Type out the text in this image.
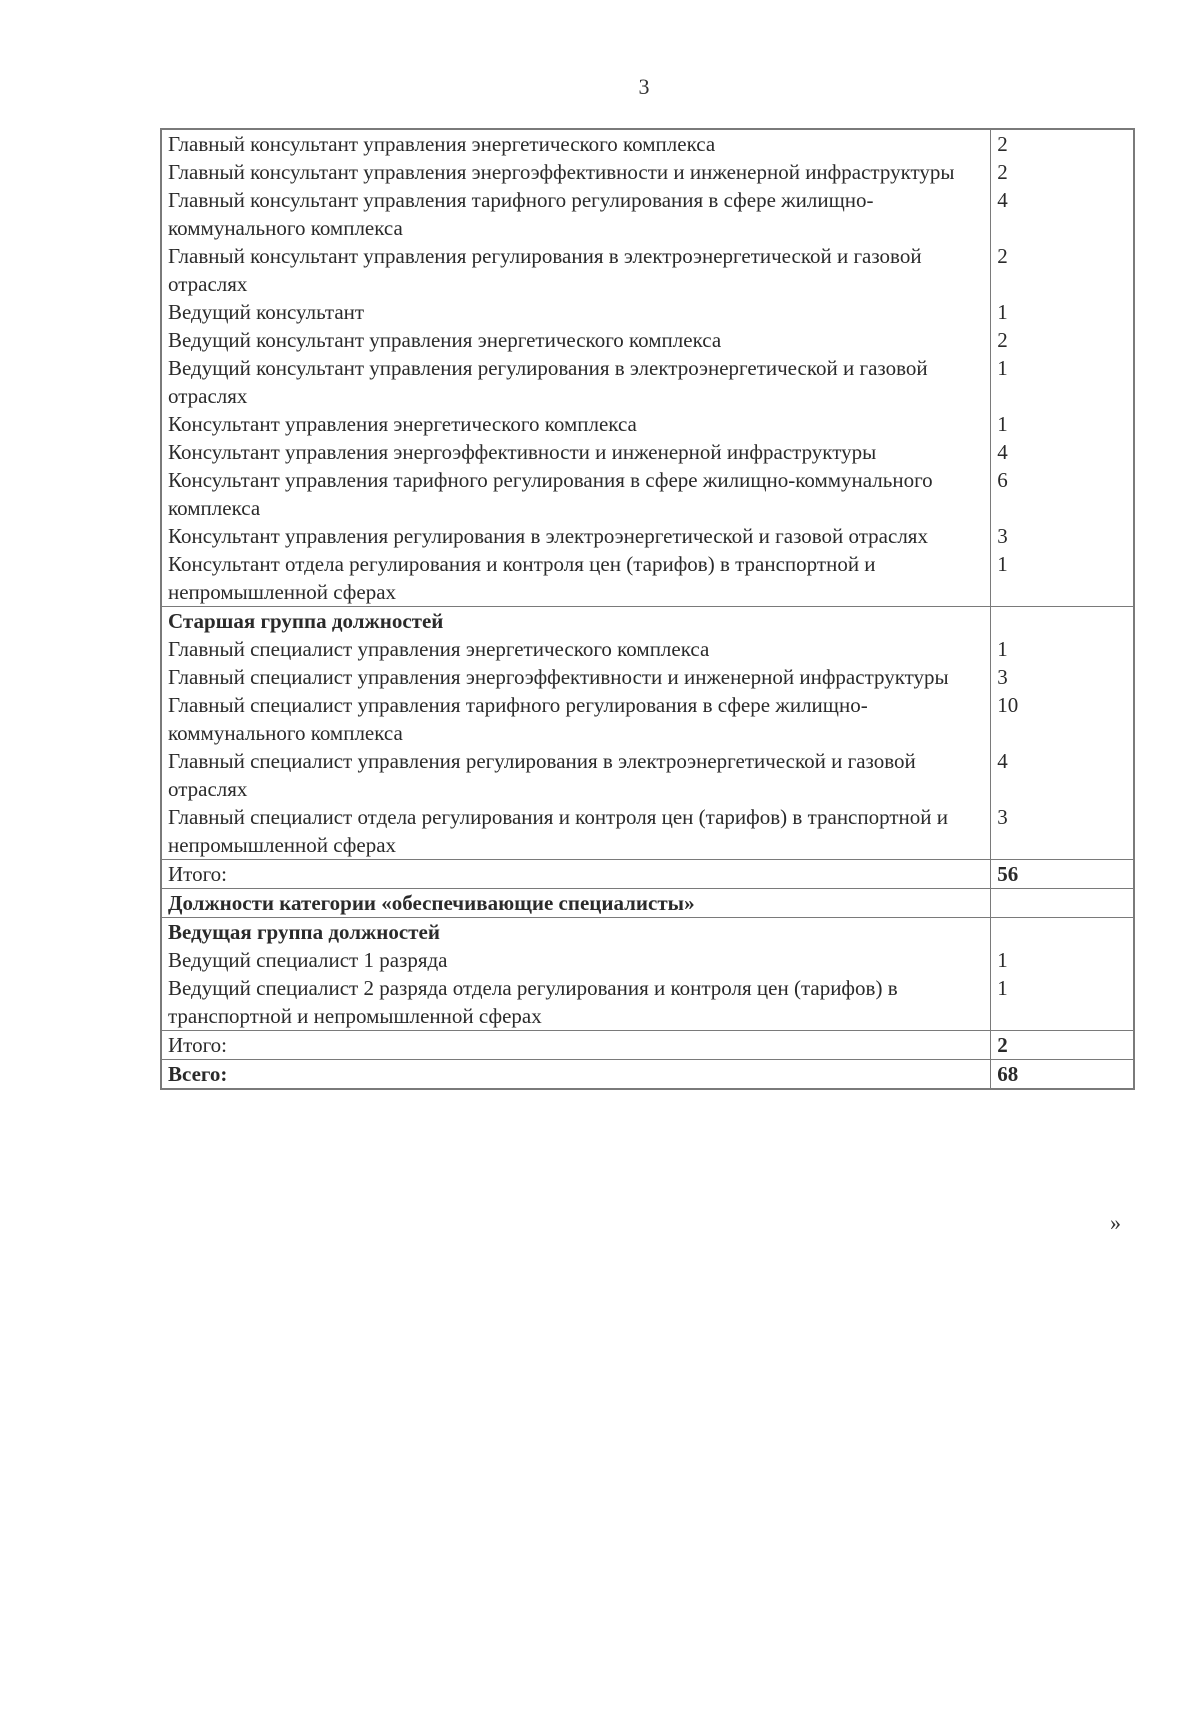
3
Главный консультант управления энергетического комплекса	2
Главный консультант управления энергоэффективности и инженерной инфраструктуры	2
Главный консультант управления тарифного регулирования в сфере жилищно-коммунального комплекса	4
Главный консультант управления регулирования в электроэнергетической и газовой отраслях	2
Ведущий консультант	1
Ведущий консультант управления энергетического комплекса	2
Ведущий консультант управления регулирования в электроэнергетической и газовой отраслях	1
Консультант управления энергетического комплекса	1
Консультант управления энергоэффективности и инженерной инфраструктуры	4
Консультант управления тарифного регулирования в сфере жилищно-коммунального комплекса	6
Консультант управления регулирования в электроэнергетической и газовой отраслях	3
Консультант отдела регулирования и контроля цен (тарифов) в транспортной и непромышленной сферах	1
Старшая группа должностей	
Главный специалист управления энергетического комплекса	1
Главный специалист управления энергоэффективности и инженерной инфраструктуры	3
Главный специалист управления тарифного регулирования в сфере жилищно-коммунального комплекса	10
Главный специалист управления регулирования в электроэнергетической и газовой отраслях	4
Главный специалист отдела регулирования и контроля цен (тарифов) в транспортной и непромышленной сферах	3
Итого:	56
Должности категории «обеспечивающие специалисты»	
Ведущая группа должностей	
Ведущий специалист 1 разряда	1
Ведущий специалист 2 разряда отдела регулирования и контроля цен (тарифов) в транспортной и непромышленной сферах	1
Итого:	2
Всего:	68
»
